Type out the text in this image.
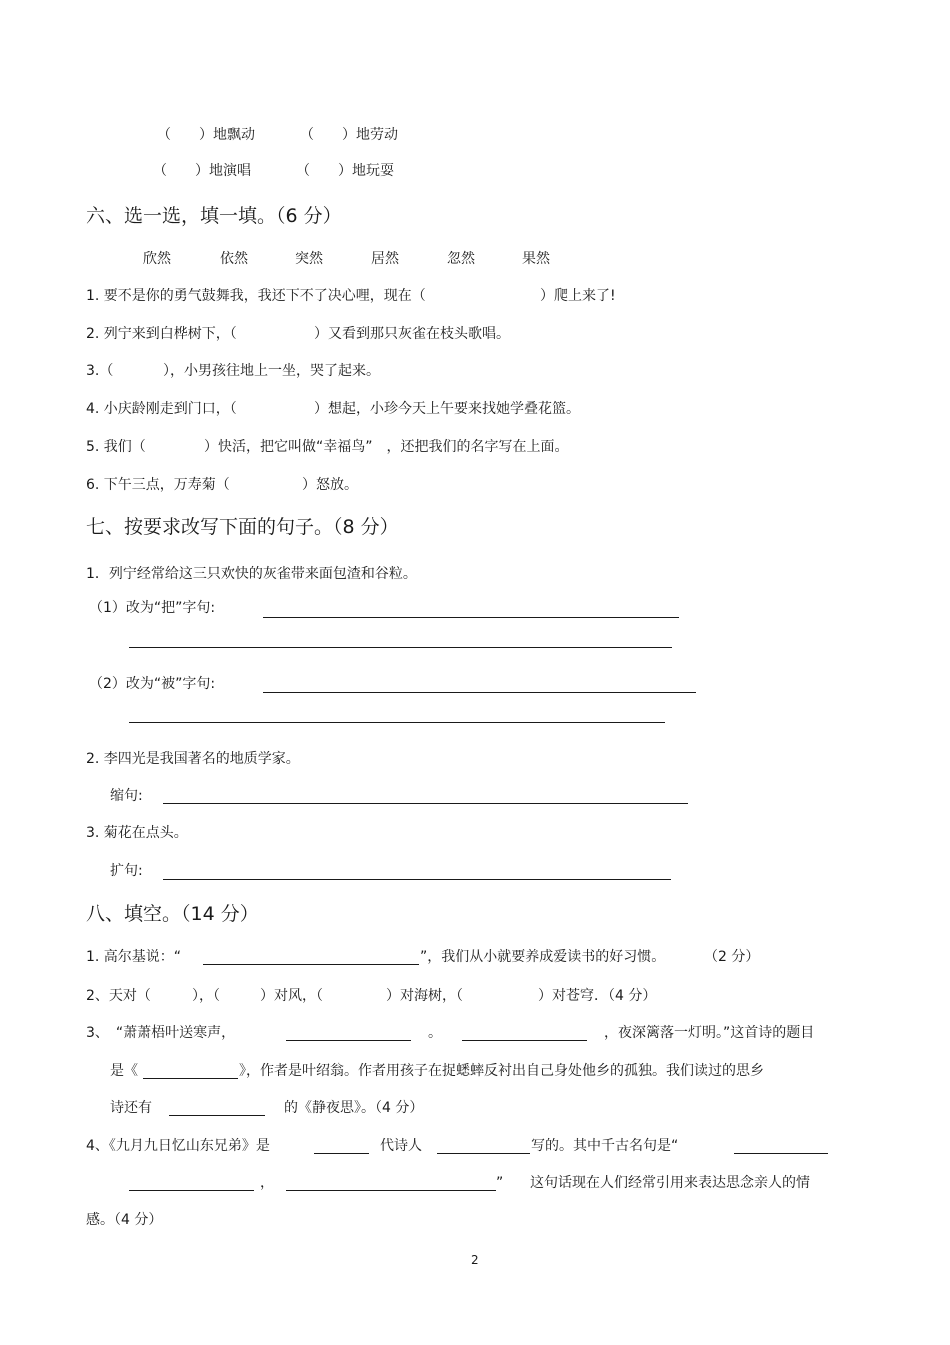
（　　）地飘动	（　　）地劳动
（　　）地演唱	（　　）地玩耍
六、选一选，填一填。（6 分）
欣然	依然	突然	居然	忽然	果然
1. 要不是你的勇气鼓舞我，我还下不了决心哩，现在（	）爬上来了!
2. 列宁来到白桦树下，（	）又看到那只灰雀在枝头歌唱。
3.（	），小男孩往地上一坐，哭了起来。
4. 小庆龄刚走到门口，（	）想起，小珍今天上午要来找她学叠花篮。
5. 我们（	）快活，把它叫做“幸福鸟”　，还把我们的名字写在上面。
6. 下午三点，万寿菊（	）怒放。
七、按要求改写下面的句子。（8 分）
1．列宁经常给这三只欢快的灰雀带来面包渣和谷粒。
（1）改为“把”字句:
（2）改为“被”字句:
2. 李四光是我国著名的地质学家。
缩句:
3. 菊花在点头。
扩句:
八、填空。（14 分）
1. 高尔基说：“	”，我们从小就要养成爱读书的好习惯。	（2 分）
2、天对（	），（	）对风，（	）对海树，（	）对苍穹．（4 分）
3、　“萧萧梧叶送寒声，	。	，夜深篱落一灯明。”这首诗的题目
是《	》，作者是叶绍翁。作者用孩子在捉蟋蟀反衬出自己身处他乡的孤独。我们读过的思乡
诗还有	的《静夜思》。（4 分）
4、《九月九日忆山东兄弟》是	代诗人	写的。其中千古名句是“
，	” 这句话现在人们经常引用来表达思念亲人的情
感。（4 分）
2
